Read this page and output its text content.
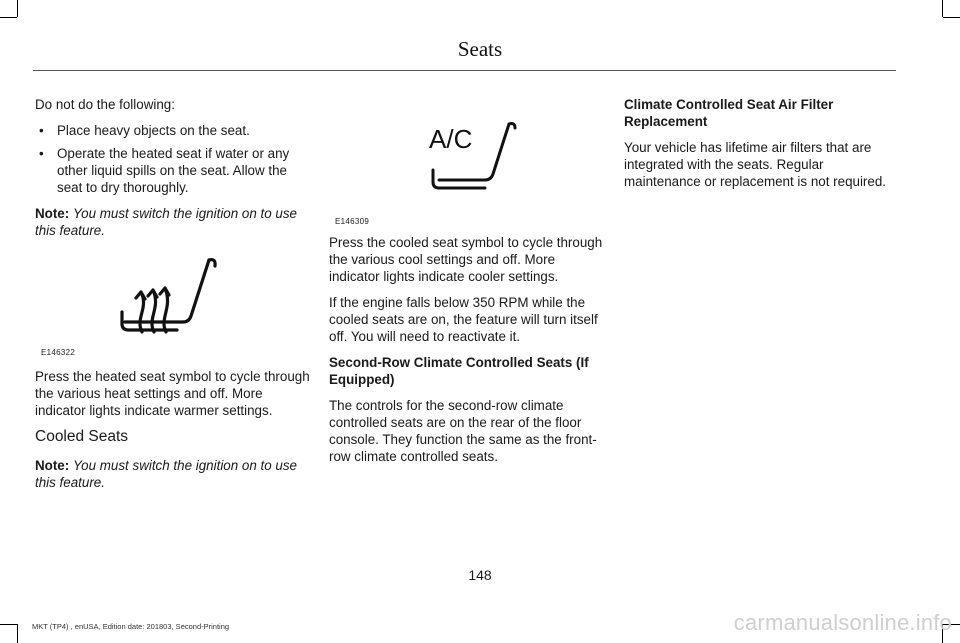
Seats

Do not do the following:

• Place heavy objects on the seat.
• Operate the heated seat if water or any other liquid spills on the seat. Allow the seat to dry thoroughly.

Note: You must switch the ignition on to use this feature.

E146322

Press the heated seat symbol to cycle through the various heat settings and off. More indicator lights indicate warmer settings.

Cooled Seats

Note: You must switch the ignition on to use this feature.

A/C
E146309

Press the cooled seat symbol to cycle through the various cool settings and off. More indicator lights indicate cooler settings.

If the engine falls below 350 RPM while the cooled seats are on, the feature will turn itself off. You will need to reactivate it.

Second-Row Climate Controlled Seats (If Equipped)

The controls for the second-row climate controlled seats are on the rear of the floor console. They function the same as the front-row climate controlled seats.

Climate Controlled Seat Air Filter Replacement

Your vehicle has lifetime air filters that are integrated with the seats. Regular maintenance or replacement is not required.

148
MKT (TP4) , enUSA, Edition date: 201803, Second-Printing	carmanualsonline.info
